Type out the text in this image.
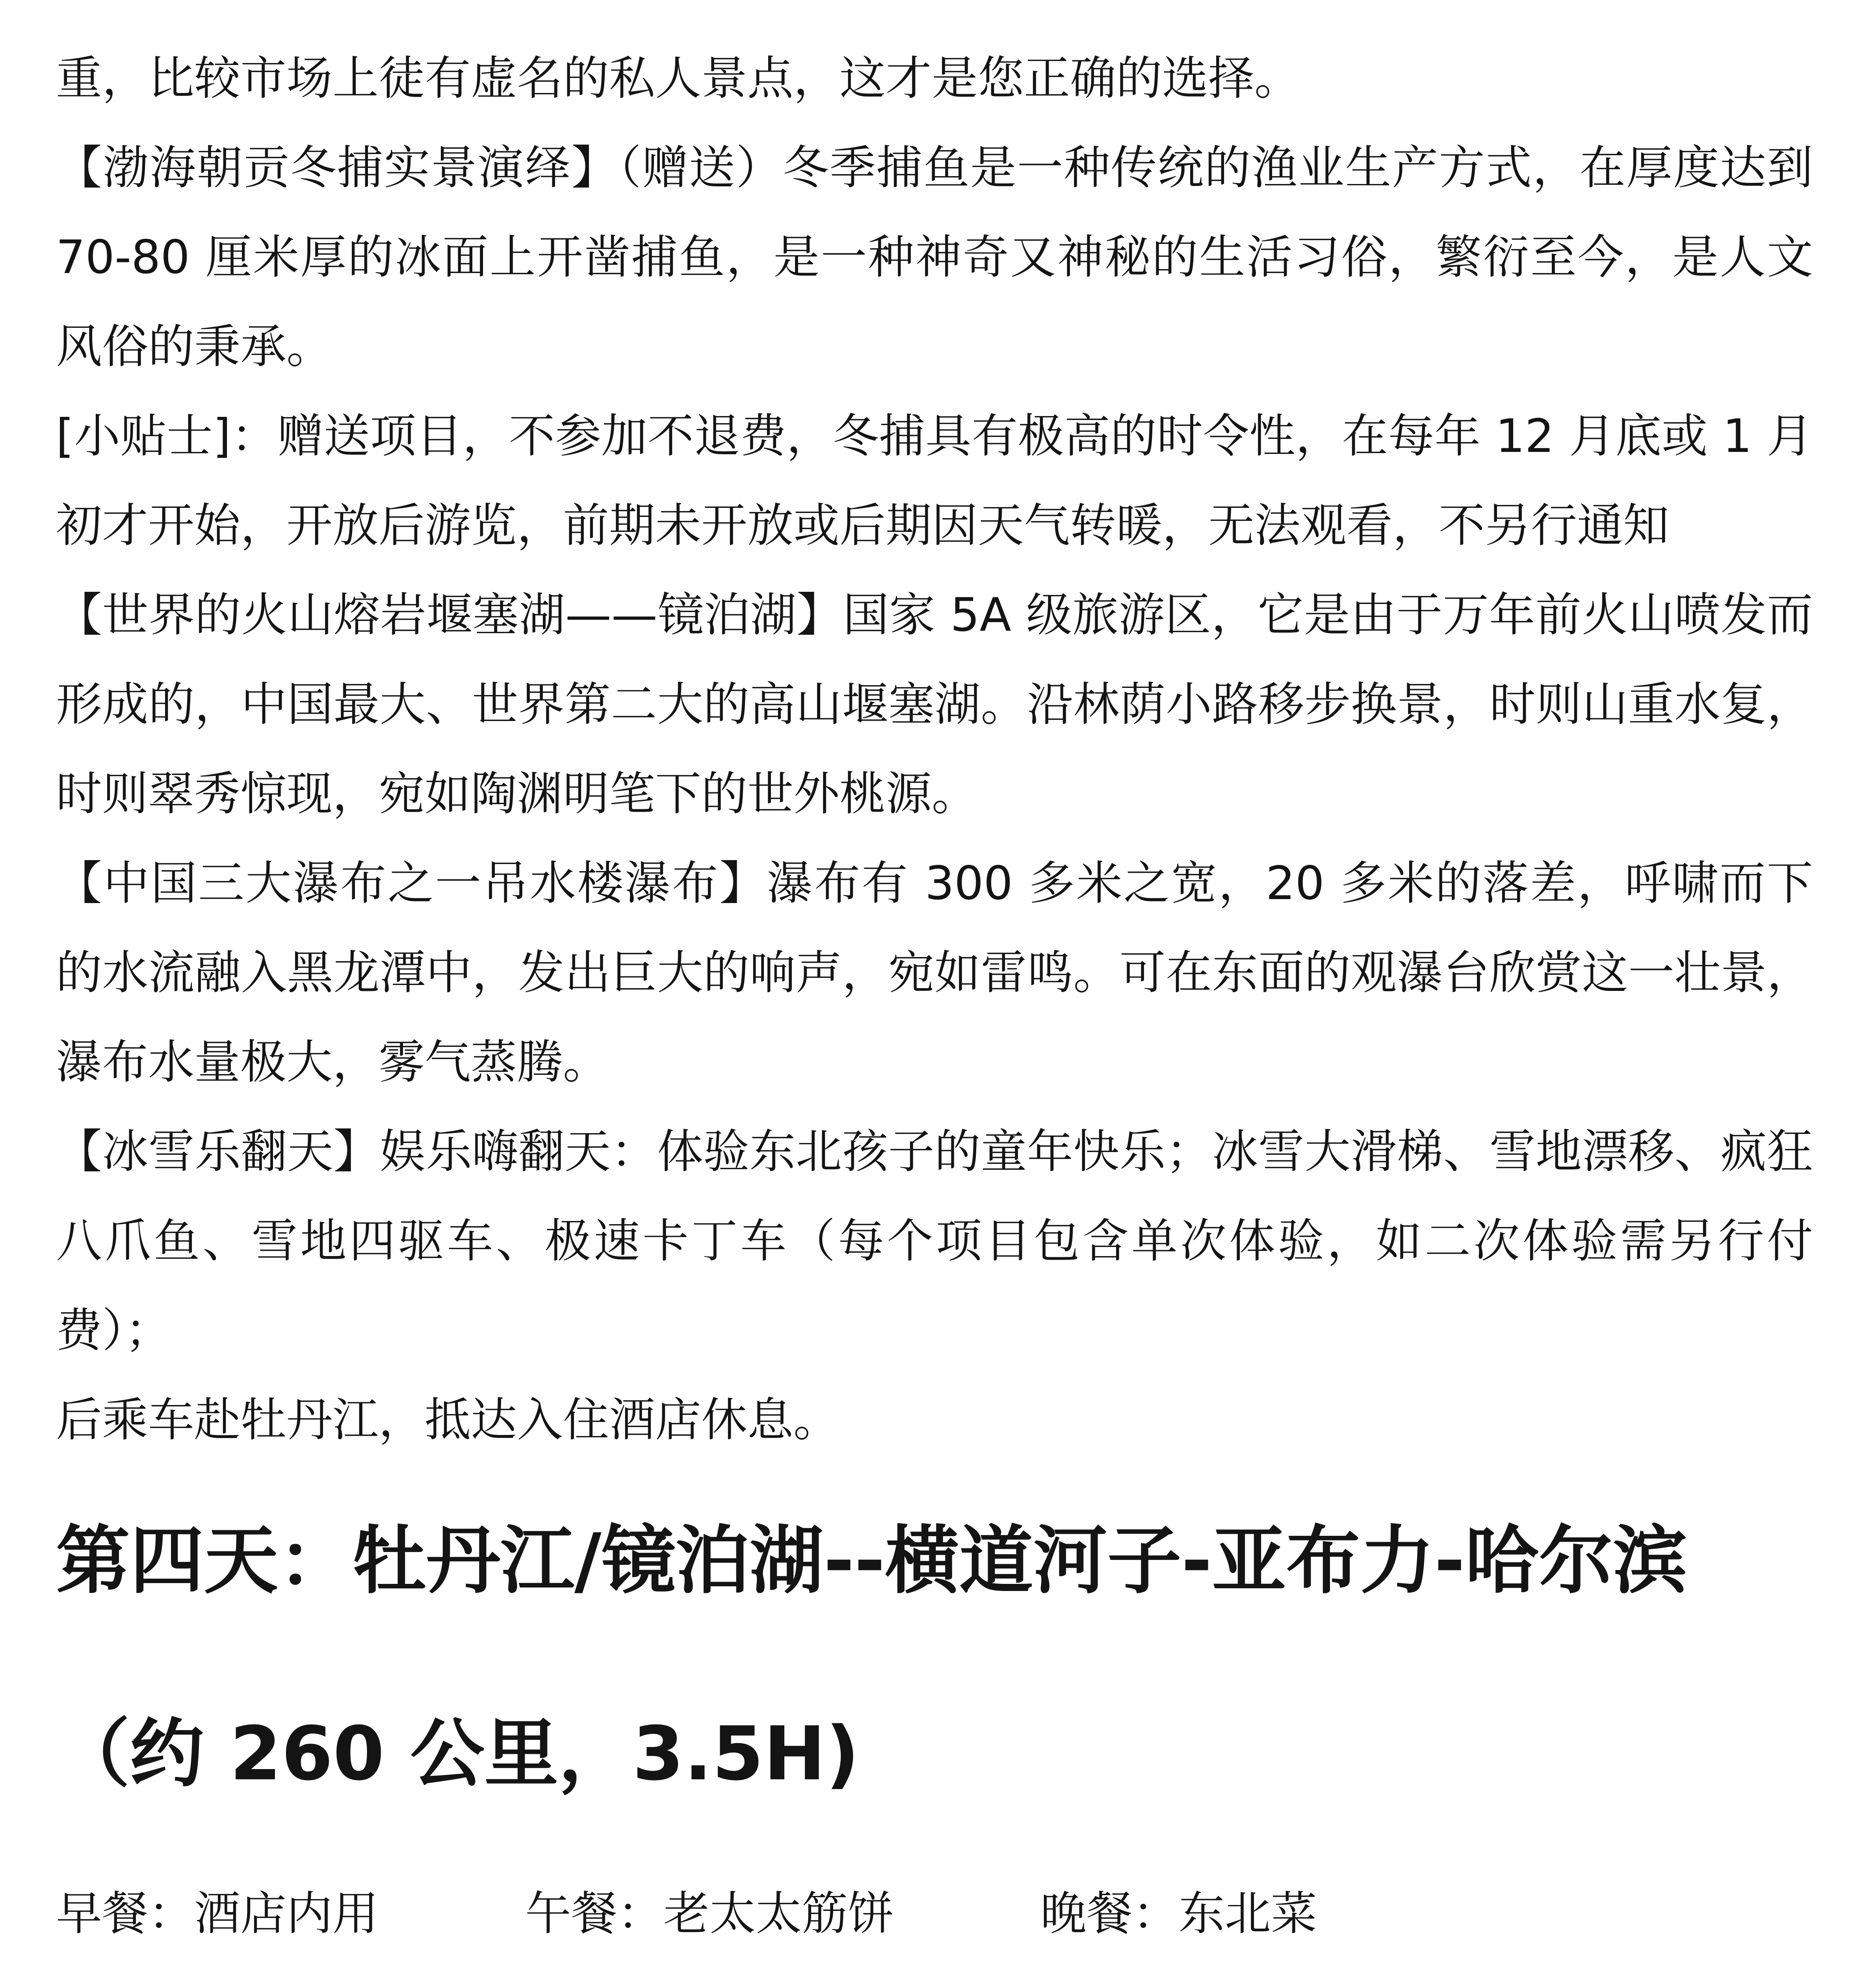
重，比较市场上徒有虚名的私人景点，这才是您正确的选择。

【渤海朝贡冬捕实景演绎】（赠送）冬季捕鱼是一种传统的渔业生产方式，在厚度达到 70-80 厘米厚的冰面上开凿捕鱼，是一种神奇又神秘的生活习俗，繁衍至今，是人文风俗的秉承。

[小贴士]：赠送项目，不参加不退费，冬捕具有极高的时令性，在每年 12 月底或 1 月初才开始，开放后游览，前期未开放或后期因天气转暖，无法观看，不另行通知

【世界的火山熔岩堰塞湖——镜泊湖】国家 5A 级旅游区，它是由于万年前火山喷发而形成的，中国最大、世界第二大的高山堰塞湖。沿林荫小路移步换景，时则山重水复，时则翠秀惊现，宛如陶渊明笔下的世外桃源。

【中国三大瀑布之一吊水楼瀑布】瀑布有 300 多米之宽，20 多米的落差，呼啸而下的水流融入黑龙潭中，发出巨大的响声，宛如雷鸣。可在东面的观瀑台欣赏这一壮景，瀑布水量极大，雾气蒸腾。

【冰雪乐翻天】娱乐嗨翻天：体验东北孩子的童年快乐；冰雪大滑梯、雪地漂移、疯狂八爪鱼、雪地四驱车、极速卡丁车（每个项目包含单次体验，如二次体验需另行付费）；

后乘车赴牡丹江，抵达入住酒店休息。

第四天：牡丹江/镜泊湖--横道河子-亚布力-哈尔滨（约 260 公里，3.5H)

早餐：酒店内用	午餐：老太太筋饼	晚餐：东北菜
